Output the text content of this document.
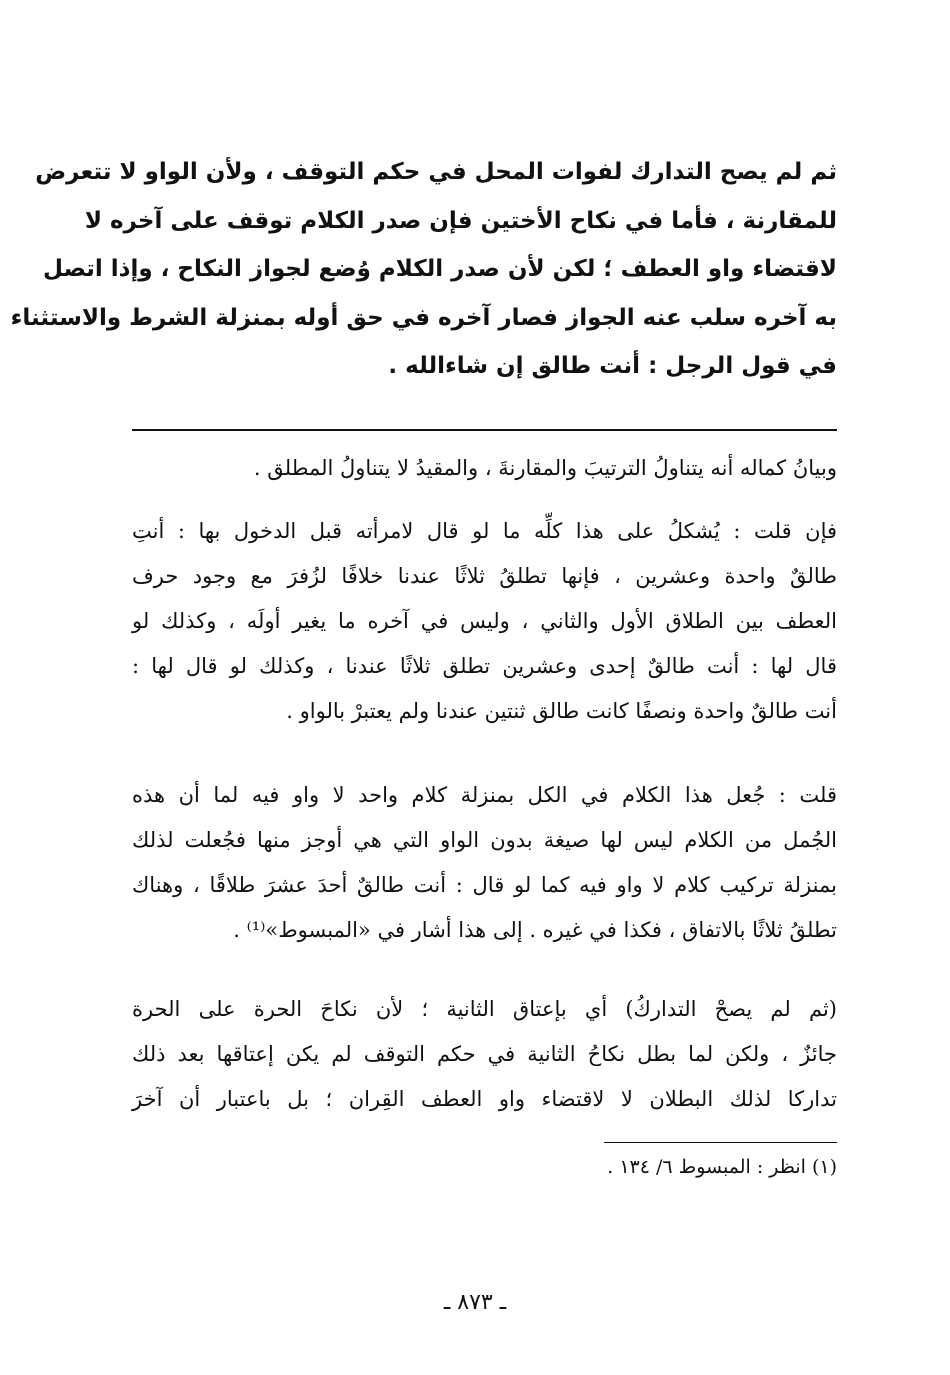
ثم لم يصح التدارك لفوات المحل في حكم التوقف ، ولأن الواو لا تتعرض
للمقارنة ، فأما في نكاح الأختين فإن صدر الكلام توقف على آخره لا
لاقتضاء واو العطف ؛ لكن لأن صدر الكلام وُضع لجواز النكاح ، وإذا اتصل
به آخره سلب عنه الجواز فصار آخره في حق أوله بمنزلة الشرط والاستثناء
في قول الرجل : أنت طالق إن شاءالله .
وبيانُ كماله أنه يتناولُ الترتيبَ والمقارنةَ ، والمقيدُ لا يتناولُ المطلق .
فإن قلت : يُشكلُ على هذا كلِّه ما لو قال لامرأته قبل الدخول بها : أنتِ
طالقٌ واحدة وعشرين ، فإنها تطلقُ ثلاثًا عندنا خلافًا لزُفرَ مع وجود حرف
العطف بين الطلاق الأول والثاني ، وليس في آخره ما يغير أولَه ، وكذلك لو
قال لها : أنت طالقٌ إحدى وعشرين تطلق ثلاثًا عندنا ، وكذلك لو قال لها :
أنت طالقٌ واحدة ونصفًا كانت طالق ثنتين عندنا ولم يعتبرْ بالواو .
قلت : جُعل هذا الكلام في الكل بمنزلة كلام واحد لا واو فيه لما أن هذه
الجُمل من الكلام ليس لها صيغة بدون الواو التي هي أوجز منها فجُعلت لذلك
بمنزلة تركيب كلام لا واو فيه كما لو قال : أنت طالقٌ أحدَ عشرَ طلاقًا ، وهناك
تطلقُ ثلاثًا بالاتفاق ، فكذا في غيره . إلى هذا أشار في «المبسوط»⁽¹⁾ .
(ثم لم يصحْ التداركُ) أي بإعتاق الثانية ؛ لأن نكاحَ الحرة على الحرة
جائزٌ ، ولكن لما بطل نكاحُ الثانية في حكم التوقف لم يكن إعتاقها بعد ذلك
تداركا لذلك البطلان لا لاقتضاء واو العطف القِران ؛ بل باعتبار أن آخرَ
(١) انظر : المبسوط ٦/ ١٣٤ .
ـ ٨٧٣ ـ
